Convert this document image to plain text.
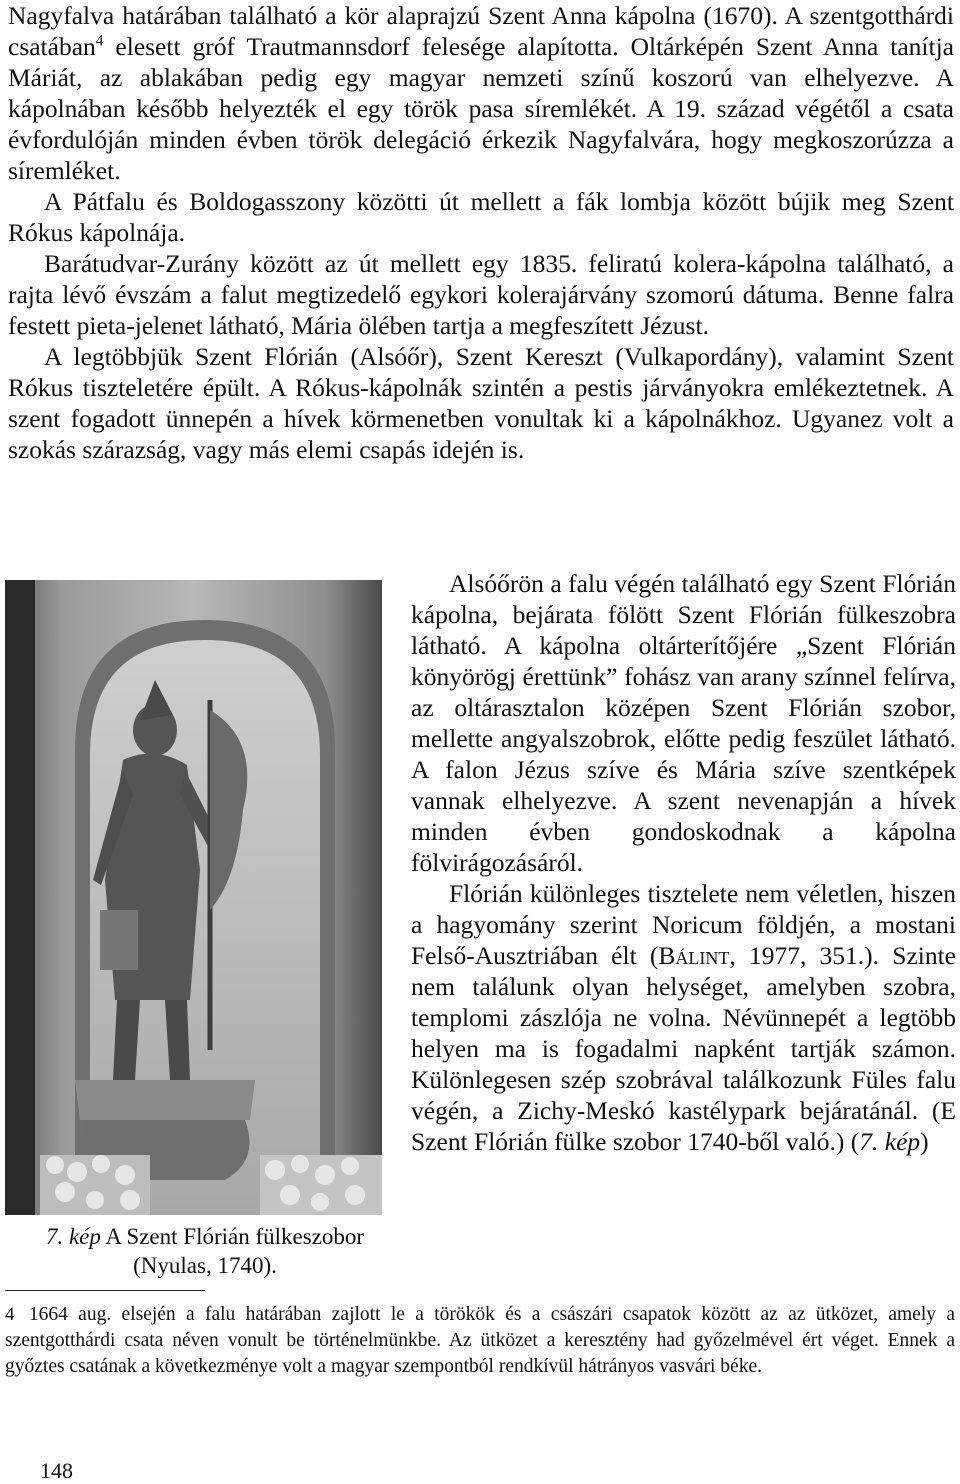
Nagyfalva határában található a kör alaprajzú Szent Anna kápolna (1670). A szentgotthárdi csatában$^4$ elesett gróf Trautmannsdorf felesége alapította. Oltárképén Szent Anna tanítja Máriát, az ablakában pedig egy magyar nemzeti színű koszorú van elhelyezve. A kápolnában később helyezték el egy török pasa síremlékét. A 19. század végétől a csata évfordulóján minden évben török delegáció érkezik Nagyfalvára, hogy megkoszorúzza a síremléket.

A Pátfalu és Boldogasszony közötti út mellett a fák lombja között bújik meg Szent Rókus kápolnája.

Barátudvar-Zurány között az út mellett egy 1835. feliratú kolera-kápolna található, a rajta lévő évszám a falut megtizedelő egykori kolerajárvány szomorú dátuma. Benne falra festett pieta-jelenet látható, Mária ölében tartja a megfeszített Jézust.

A legtöbbjük Szent Flórián (Alsóőr), Szent Kereszt (Vulkapordány), valamint Szent Rókus tiszteletére épült. A Rókus-kápolnák szintén a pestis járványokra emlékeztetnek. A szent fogadott ünnepén a hívek körmenetben vonultak ki a kápolnákhoz. Ugyanez volt a szokás szárazság, vagy más elemi csapás idején is.

7. kép A Szent Flórián fülkeszobor
(Nyulas, 1740).

Alsóőrön a falu végén található egy Szent Flórián kápolna, bejárata fölött Szent Flórián fülkeszobra látható. A kápolna oltárterítőjére „Szent Flórián könyörögj érettünk” fohász van arany színnel felírva, az oltárasztalon középen Szent Flórián szobor, mellette angyalszobrok, előtte pedig feszület látható. A falon Jézus szíve és Mária szíve szentképek vannak elhelyezve. A szent nevenapján a hívek minden évben gondoskodnak a kápolna fölvirágozásáról.

Flórián különleges tisztelete nem véletlen, hiszen a hagyomány szerint Noricum földjén, a mostani Felső-Ausztriában élt (Bálint, 1977, 351.). Szinte nem találunk olyan helységet, amelyben szobra, templomi zászlója ne volna. Névünnepét a legtöbb helyen ma is fogadalmi napként tartják számon. Különlegesen szép szobrával találkozunk Füles falu végén, a Zichy-Meskó kastélypark bejáratánál. (E Szent Flórián fülke szobor 1740-ből való.) (7. kép)

4 1664 aug. elsején a falu határában zajlott le a törökök és a császári csapatok között az az ütközet, amely a szentgotthárdi csata néven vonult be történelmünkbe. Az ütközet a keresztény had győzelmével ért véget. Ennek a győztes csatának a következménye volt a magyar szempontból rendkívül hátrányos vasvári béke.
148
